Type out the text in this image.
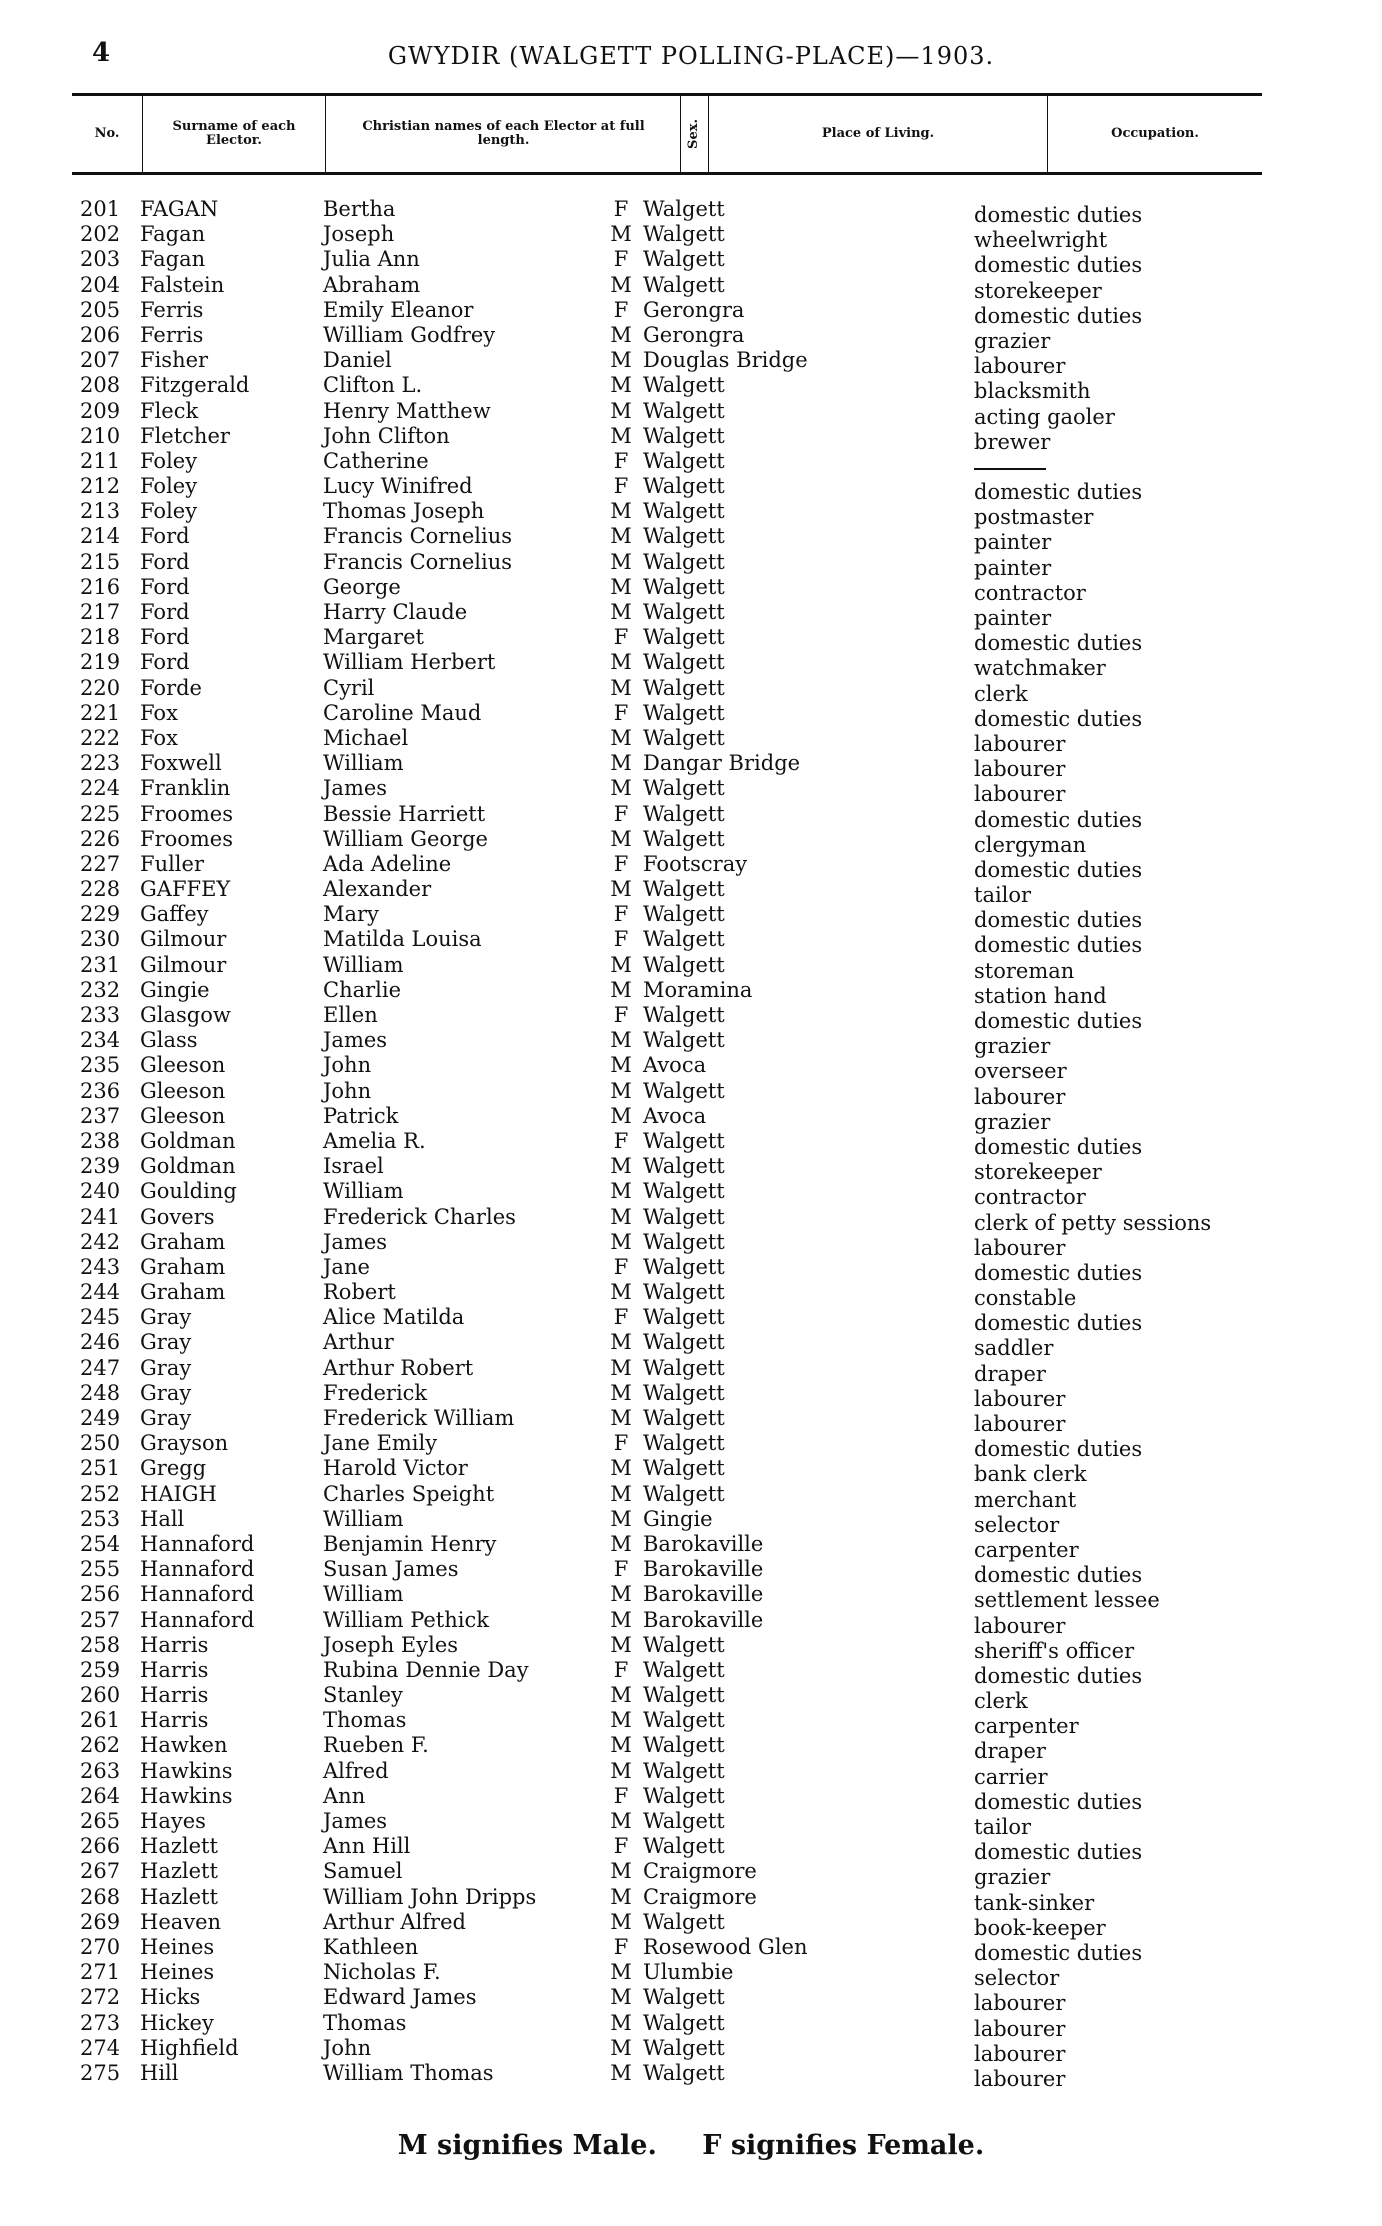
4	GWYDIR (WALGETT POLLING-PLACE)—1903.
No.	Surname of each Elector.
Christian names of each Elector at full length.	Sex.	Place of Living.	Occupation.
201 FAGAN	Bertha	F Walgett	domestic duties
202 Fagan	Joseph	M Walgett	wheelwright
203 Fagan	Julia Ann	F Walgett	domestic duties
204 Falstein	Abraham	M Walgett	storekeeper
205 Ferris	Emily Eleanor	F Gerongra	domestic duties
206 Ferris	William Godfrey	M Gerongra	grazier
207 Fisher	Daniel	M Douglas Bridge	labourer
208 Fitzgerald	Clifton L.	M Walgett	blacksmith
209 Fleck	Henry Matthew	M Walgett	acting gaoler
210 Fletcher	John Clifton	M Walgett	brewer
211 Foley	Catherine	F Walgett
212 Foley	Lucy Winifred	F Walgett	domestic duties
213 Foley	Thomas Joseph	M Walgett	postmaster
214 Ford	Francis Cornelius	M Walgett	painter
215 Ford	Francis Cornelius	M Walgett	painter
216 Ford	George	M Walgett	contractor
217 Ford	Harry Claude	M Walgett	painter
218 Ford	Margaret	F Walgett	domestic duties
219 Ford	William Herbert	M Walgett	watchmaker
220 Forde	Cyril	M Walgett	clerk
221 Fox	Caroline Maud	F Walgett	domestic duties
222 Fox	Michael	M Walgett	labourer
223 Foxwell	William	M Dangar Bridge	labourer
224 Franklin	James	M Walgett	labourer
225 Froomes	Bessie Harriett	F Walgett	domestic duties
226 Froomes	William George	M Walgett	clergyman
227 Fuller	Ada Adeline	F Footscray	domestic duties
228 GAFFEY	Alexander	M Walgett	tailor
229 Gaffey	Mary	F Walgett	domestic duties
230 Gilmour	Matilda Louisa	F Walgett	domestic duties
231 Gilmour	William	M Walgett	storeman
232 Gingie	Charlie	M Moramina	station hand
233 Glasgow	Ellen	F Walgett	domestic duties
234 Glass	James	M Walgett	grazier
235 Gleeson	John	M Avoca	overseer
236 Gleeson	John	M Walgett	labourer
237 Gleeson	Patrick	M Avoca	grazier
238 Goldman	Amelia R.	F Walgett	domestic duties
239 Goldman	Israel	M Walgett	storekeeper
240 Goulding	William	M Walgett	contractor
241 Govers	Frederick Charles	M Walgett	clerk of petty sessions
242 Graham	James	M Walgett	labourer
243 Graham	Jane	F Walgett	domestic duties
244 Graham	Robert	M Walgett	constable
245 Gray	Alice Matilda	F Walgett	domestic duties
246 Gray	Arthur	M Walgett	saddler
247 Gray	Arthur Robert	M Walgett	draper
248 Gray	Frederick	M Walgett	labourer
249 Gray	Frederick William	M Walgett	labourer
250 Grayson	Jane Emily	F Walgett	domestic duties
251 Gregg	Harold Victor	M Walgett	bank clerk
252 HAIGH	Charles Speight	M Walgett	merchant
253 Hall	William	M Gingie	selector
254 Hannaford	Benjamin Henry	M Barokaville	carpenter
255 Hannaford	Susan James	F Barokaville	domestic duties
256 Hannaford	William	M Barokaville	settlement lessee
257 Hannaford	William Pethick	M Barokaville	labourer
258 Harris	Joseph Eyles	M Walgett	sheriff's officer
259 Harris	Rubina Dennie Day	F Walgett	domestic duties
260 Harris	Stanley	M Walgett	clerk
261 Harris	Thomas	M Walgett	carpenter
262 Hawken	Rueben F.	M Walgett	draper
263 Hawkins	Alfred	M Walgett	carrier
264 Hawkins	Ann	F Walgett	domestic duties
265 Hayes	James	M Walgett	tailor
266 Hazlett	Ann Hill	F Walgett	domestic duties
267 Hazlett	Samuel	M Craigmore	grazier
268 Hazlett	William John Dripps	M Craigmore	tank-sinker
269 Heaven	Arthur Alfred	M Walgett	book-keeper
270 Heines	Kathleen	F Rosewood Glen	domestic duties
271 Heines	Nicholas F.	M Ulumbie	selector
272 Hicks	Edward James	M Walgett	labourer
273 Hickey	Thomas	M Walgett	labourer
274 Highfield	John	M Walgett	labourer
275 Hill	William Thomas	M Walgett	labourer
M signifies Male. F signifies Female.
